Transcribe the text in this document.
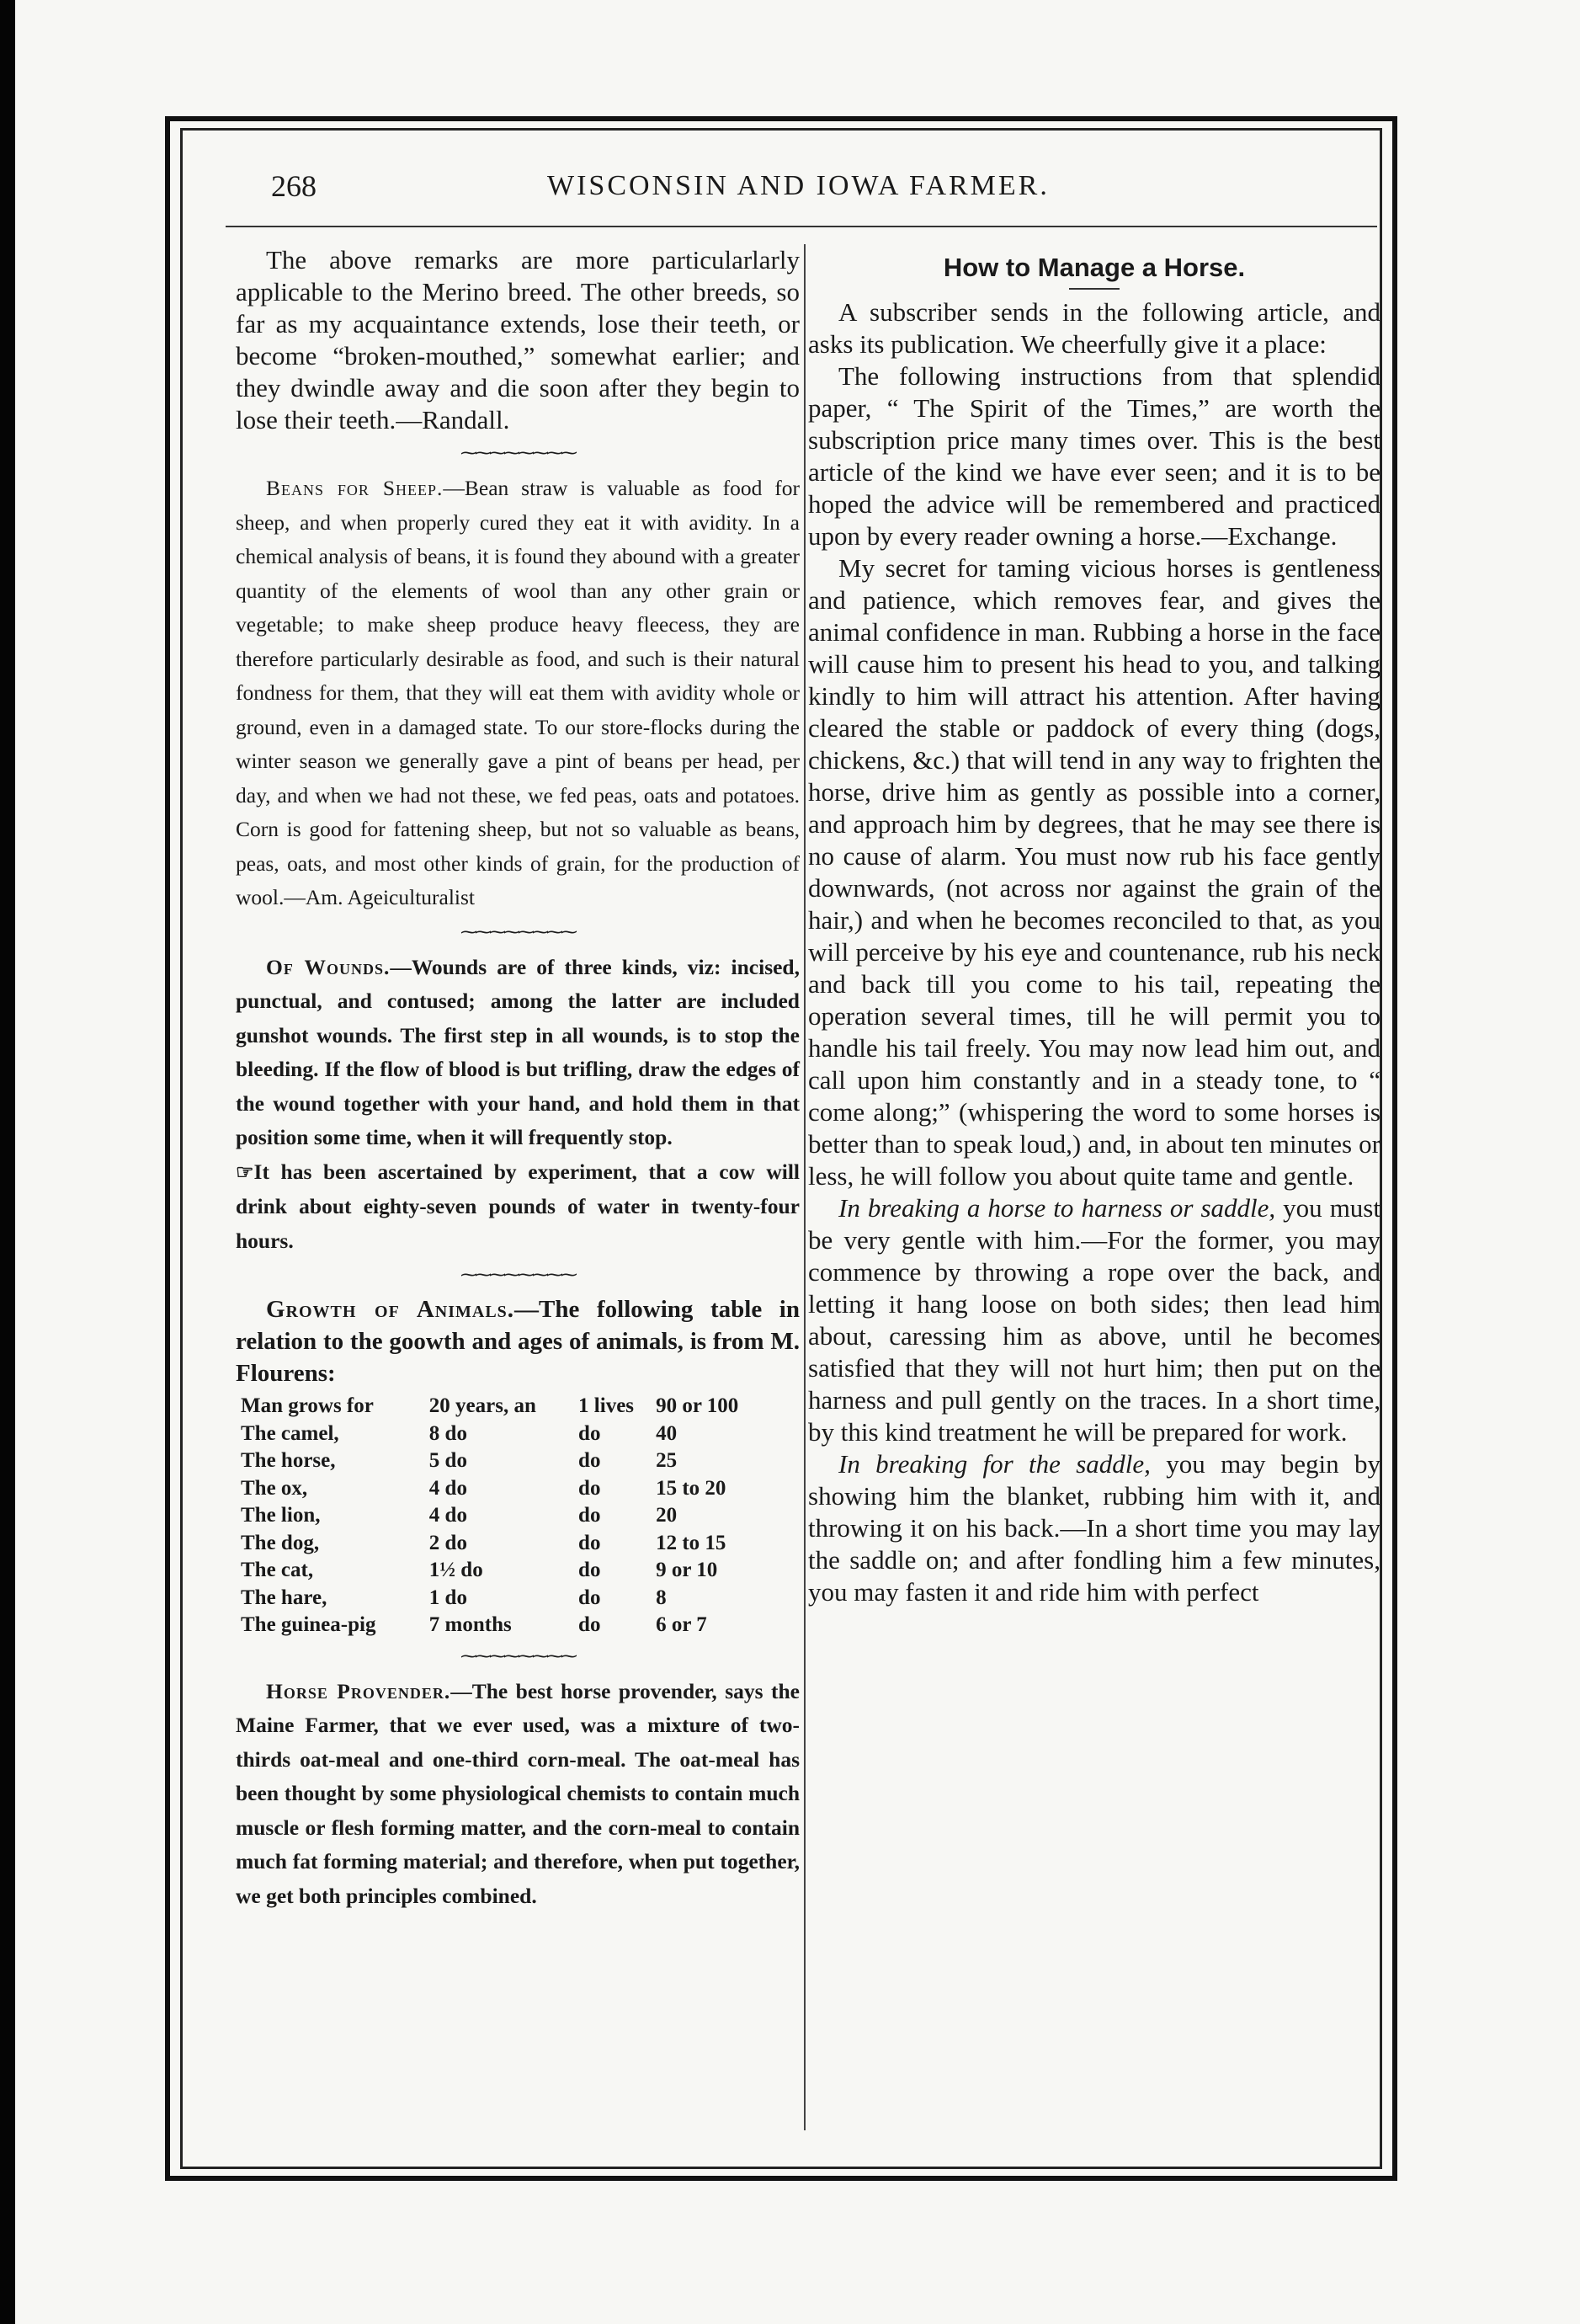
268	WISCONSIN AND IOWA FARMER.

The above remarks are more particularlarly applicable to the Merino breed. The other breeds, so far as my acquaintance extends, lose their teeth, or become “broken-mouthed,” somewhat earlier; and they dwindle away and die soon after they begin to lose their teeth.—Randall.

⁓⁓⁓⁓⁓⁓⁓⁓

Beans for Sheep.—Bean straw is valuable as food for sheep, and when properly cured they eat it with avidity. In a chemical analysis of beans, it is found they abound with a greater quantity of the elements of wool than any other grain or vegetable; to make sheep produce heavy fleecess, they are therefore particularly desirable as food, and such is their natural fondness for them, that they will eat them with avidity whole or ground, even in a damaged state. To our store-flocks during the winter season we generally gave a pint of beans per head, per day, and when we had not these, we fed peas, oats and potatoes. Corn is good for fattening sheep, but not so valuable as beans, peas, oats, and most other kinds of grain, for the production of wool.—Am. Ageiculturalist

⁓⁓⁓⁓⁓⁓⁓⁓

Of Wounds.—Wounds are of three kinds, viz: incised, punctual, and contused; among the latter are included gunshot wounds. The first step in all wounds, is to stop the bleeding. If the flow of blood is but trifling, draw the edges of the wound together with your hand, and hold them in that position some time, when it will frequently stop.

☞It has been ascertained by experiment, that a cow will drink about eighty-seven pounds of water in twenty-four hours.

⁓⁓⁓⁓⁓⁓⁓⁓

Growth of Animals.—The following table in relation to the goowth and ages of animals, is from M. Flourens:

Man grows for	20 years, an	1 lives	90 or 100
The camel,	8 do	do	40
The horse,	5 do	do	25
The ox,	4 do	do	15 to 20
The lion,	4 do	do	20
The dog,	2 do	do	12 to 15
The cat,	1½ do	do	9 or 10
The hare,	1 do	do	8
The guinea-pig	7 months	do	6 or 7
⁓⁓⁓⁓⁓⁓⁓⁓

Horse Provender.—The best horse provender, says the Maine Farmer, that we ever used, was a mixture of two-thirds oat-meal and one-third corn-meal. The oat-meal has been thought by some physiological chemists to contain much muscle or flesh forming matter, and the corn-meal to contain much fat forming material; and therefore, when put together, we get both principles combined.

How to Manage a Horse.

A subscriber sends in the following article, and asks its publication. We cheerfully give it a place:

The following instructions from that splendid paper, “ The Spirit of the Times,” are worth the subscription price many times over. This is the best article of the kind we have ever seen; and it is to be hoped the advice will be remembered and practiced upon by every reader owning a horse.—Exchange.

My secret for taming vicious horses is gentleness and patience, which removes fear, and gives the animal confidence in man. Rubbing a horse in the face will cause him to present his head to you, and talking kindly to him will attract his attention. After having cleared the stable or paddock of every thing (dogs, chickens, &c.) that will tend in any way to frighten the horse, drive him as gently as possible into a corner, and approach him by degrees, that he may see there is no cause of alarm. You must now rub his face gently downwards, (not across nor against the grain of the hair,) and when he becomes reconciled to that, as you will perceive by his eye and countenance, rub his neck and back till you come to his tail, repeating the operation several times, till he will permit you to handle his tail freely. You may now lead him out, and call upon him constantly and in a steady tone, to “ come along;” (whispering the word to some horses is better than to speak loud,) and, in about ten minutes or less, he will follow you about quite tame and gentle.

In breaking a horse to harness or saddle, you must be very gentle with him.—For the former, you may commence by throwing a rope over the back, and letting it hang loose on both sides; then lead him about, caressing him as above, until he becomes satisfied that they will not hurt him; then put on the harness and pull gently on the traces. In a short time, by this kind treatment he will be prepared for work.

In breaking for the saddle, you may begin by showing him the blanket, rubbing him with it, and throwing it on his back.—In a short time you may lay the saddle on; and after fondling him a few minutes, you may fasten it and ride him with perfect
